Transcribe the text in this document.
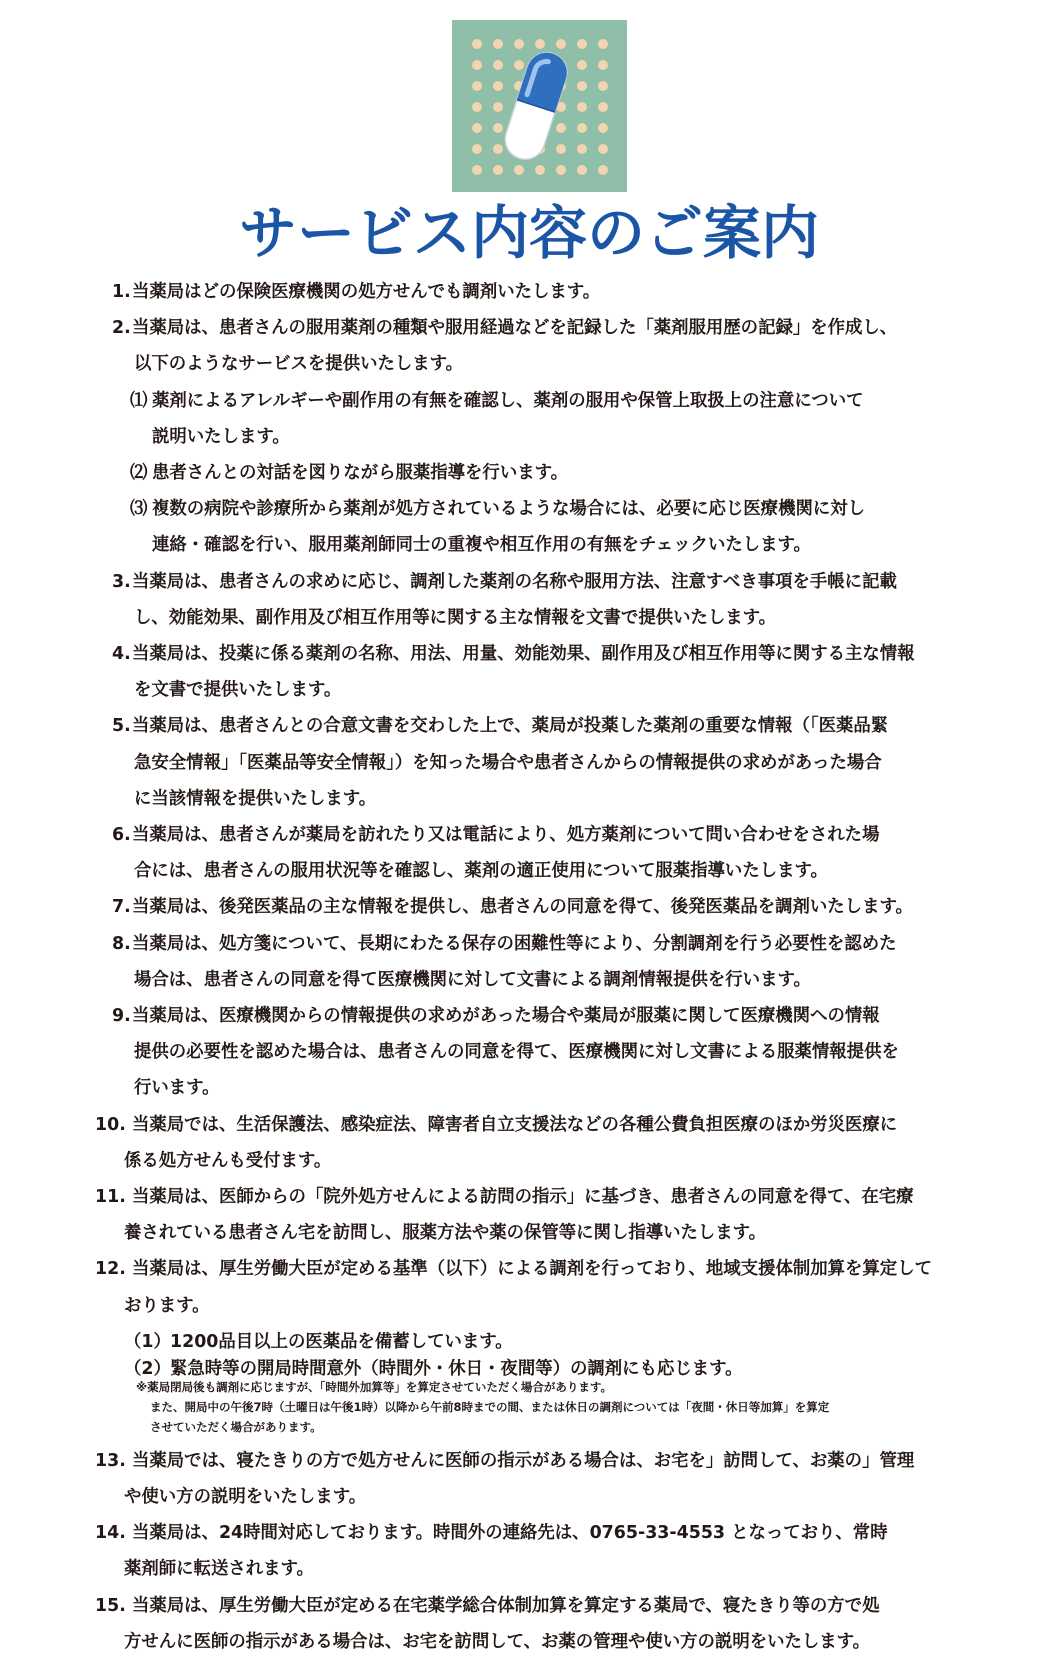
サービス内容のご案内
1. 当薬局はどの保険医療機関の処方せんでも調剤いたします。
2. 当薬局は、患者さんの服用薬剤の種類や服用経過などを記録した「薬剤服用歴の記録」を作成し、
以下のようなサービスを提供いたします。
⑴ 薬剤によるアレルギーや副作用の有無を確認し、薬剤の服用や保管上取扱上の注意について
説明いたします。
⑵ 患者さんとの対話を図りながら服薬指導を行います。
⑶ 複数の病院や診療所から薬剤が処方されているような場合には、必要に応じ医療機関に対し
連絡・確認を行い、服用薬剤師同士の重複や相互作用の有無をチェックいたします。
3. 当薬局は、患者さんの求めに応じ、調剤した薬剤の名称や服用方法、注意すべき事項を手帳に記載
し、効能効果、副作用及び相互作用等に関する主な情報を文書で提供いたします。
4. 当薬局は、投薬に係る薬剤の名称、用法、用量、効能効果、副作用及び相互作用等に関する主な情報
を文書で提供いたします。
5. 当薬局は、患者さんとの合意文書を交わした上で、薬局が投薬した薬剤の重要な情報（「医薬品緊
急安全情報」「医薬品等安全情報」）を知った場合や患者さんからの情報提供の求めがあった場合
に当該情報を提供いたします。
6. 当薬局は、患者さんが薬局を訪れたり又は電話により、処方薬剤について問い合わせをされた場
合には、患者さんの服用状況等を確認し、薬剤の適正使用について服薬指導いたします。
7. 当薬局は、後発医薬品の主な情報を提供し、患者さんの同意を得て、後発医薬品を調剤いたします。
8. 当薬局は、処方箋について、長期にわたる保存の困難性等により、分割調剤を行う必要性を認めた
場合は、患者さんの同意を得て医療機関に対して文書による調剤情報提供を行います。
9. 当薬局は、医療機関からの情報提供の求めがあった場合や薬局が服薬に関して医療機関への情報
提供の必要性を認めた場合は、患者さんの同意を得て、医療機関に対し文書による服薬情報提供を
行います。
10. 当薬局では、生活保護法、感染症法、障害者自立支援法などの各種公費負担医療のほか労災医療に
係る処方せんも受付ます。
11. 当薬局は、医師からの「院外処方せんによる訪問の指示」に基づき、患者さんの同意を得て、在宅療
養されている患者さん宅を訪問し、服薬方法や薬の保管等に関し指導いたします。
12. 当薬局は、厚生労働大臣が定める基準（以下）による調剤を行っており、地域支援体制加算を算定して
おります。
（1） 1200品目以上の医薬品を備蓄しています。
（2） 緊急時等の開局時間意外（時間外・休日・夜間等）の調剤にも応じます。
※薬局閉局後も調剤に応じますが、「時間外加算等」を算定させていただく場合があります。
また、開局中の午後7時（土曜日は午後1時）以降から午前8時までの間、または休日の調剤については「夜間・休日等加算」を算定
させていただく場合があります。
13. 当薬局では、寝たきりの方で処方せんに医師の指示がある場合は、お宅を」訪問して、お薬の」管理
や使い方の説明をいたします。
14. 当薬局は、24時間対応しております。時間外の連絡先は、0765-33-4553 となっており、常時
薬剤師に転送されます。
15. 当薬局は、厚生労働大臣が定める在宅薬学総合体制加算を算定する薬局で、寝たきり等の方で処
方せんに医師の指示がある場合は、お宅を訪問して、お薬の管理や使い方の説明をいたします。
